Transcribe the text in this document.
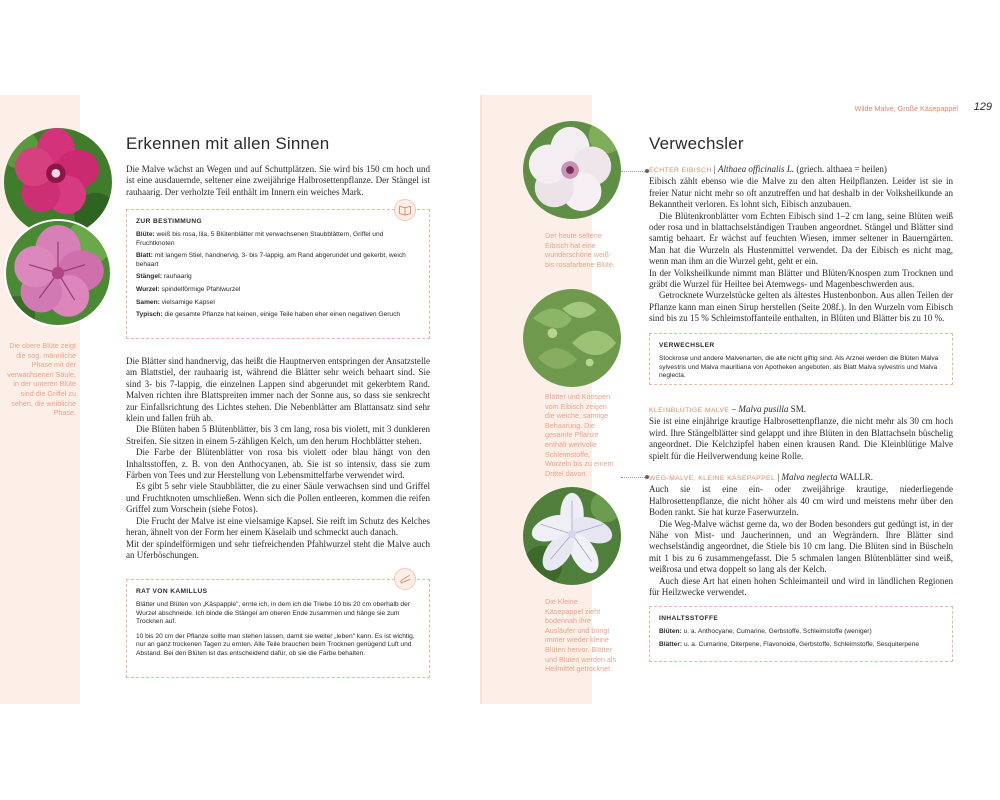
Die obere Blüte zeigt die sog. männliche Phase mit der verwachsenen Säule, in der unteren Blüte sind die Griffel zu sehen, die weibliche Phase.
Erkennen mit allen Sinnen

Die Malve wächst an Wegen und auf Schuttplätzen. Sie wird bis 150 cm hoch und ist eine ausdauernde, seltener eine zweijährige Halbrosettenpflanze. Der Stängel ist rauhaarig. Der verholzte Teil enthält im Innern ein weiches Mark.

ZUR BESTIMMUNG
Blüte: weiß bis rosa, lila, 5 Blütenblätter mit verwachsenen Staubblättern, Griffel und Fruchtknoten
Blatt: mit langem Stiel, handnervig, 3- bis 7-lappig, am Rand abgerundet und gekerbt, weich behaart
Stängel: rauhaarig
Wurzel: spindelförmige Pfahlwurzel
Samen: vielsamige Kapsel
Typisch: die gesamte Pflanze hat keinen, einige Teile haben eher einen negativen Geruch

Die Blätter sind handnervig, das heißt die Hauptnerven entspringen der Ansatzstelle am Blattstiel, der rauhaarig ist, während die Blätter sehr weich behaart sind. Sie sind 3- bis 7-lappig, die einzelnen Lappen sind abgerundet mit gekerbtem Rand. Malven richten ihre Blattspreiten immer nach der Sonne aus, so dass sie senkrecht zur Einfallsrichtung des Lichtes stehen. Die Nebenblätter am Blattansatz sind sehr klein und fallen früh ab.

Die Blüten haben 5 Blütenblätter, bis 3 cm lang, rosa bis violett, mit 3 dunkleren Streifen. Sie sitzen in einem 5-zähligen Kelch, um den herum Hochblätter stehen.

Die Farbe der Blütenblätter von rosa bis violett oder blau hängt von den Inhaltsstoffen, z. B. von den Anthocyanen, ab. Sie ist so intensiv, dass sie zum Färben von Tees und zur Herstellung von Lebensmittelfarbe verwendet wird.

Es gibt 5 sehr viele Staubblätter, die zu einer Säule verwachsen sind und Griffel und Fruchtknoten umschließen. Wenn sich die Pollen entleeren, kommen die reifen Griffel zum Vorschein (siehe Fotos).

Die Frucht der Malve ist eine vielsamige Kapsel. Sie reift im Schutz des Kelches heran, ähnelt von der Form her einem Käselaib und schmeckt auch danach.

Mit der spindelförmigen und sehr tiefreichenden Pfahlwurzel steht die Malve auch an Uferböschungen.

RAT VON KAMILLUS
Blätter und Blüten von „Käspapple", ernte ich, in dem ich die Triebe 10 bis 20 cm oberhalb der Wurzel abschneide. Ich binde die Stängel am oberen Ende zusammen und hänge sie zum Trocknen auf.
10 bis 20 cm der Pflanze sollte man stehen lassen, damit sie weiter „leben" kann. Es ist wichtig, nur an ganz trockenen Tagen zu ernten. Alle Teile brauchen beim Trocknen genügend Luft und Abstand. Bei den Blüten ist das entscheidend dafür, ob sie die Farbe behalten.
Wilde Malve, Große Käsepappel 129
Der heute seltene Eibisch hat eine wunderschöne weiß- bis rosafarbene Blüte.
Blätter und Knospen vom Eibisch zeigen die weiche, samtige Behaarung. Die gesamte Pflanze enthält wertvolle Schleimstoffe, Wurzeln bis zu einem Drittel davon.
Die Kleine Käsepappel zieht bodennah ihre Ausläufer und bringt immer wieder kleine Blüten hervor. Blätter und Blüten werden als Heilmittel getrocknet.
Verwechsler

ECHTER EIBISCH | Althaea officinalis L. (griech. althaea = heilen)

Eibisch zählt ebenso wie die Malve zu den alten Heilpflanzen. Leider ist sie in freier Natur nicht mehr so oft anzutreffen und hat deshalb in der Volksheilkunde an Bekanntheit verloren. Es lohnt sich, Eibisch anzubauen.

Die Blütenkronblätter vom Echten Eibisch sind 1–2 cm lang, seine Blüten weiß oder rosa und in blattachselständigen Trauben angeordnet. Stängel und Blätter sind samtig behaart. Er wächst auf feuchten Wiesen, immer seltener in Bauerngärten. Man hat die Wurzeln als Hustenmittel verwendet. Da der Eibisch es nicht mag, wenn man ihm an die Wurzel geht, geht er ein.

In der Volksheilkunde nimmt man Blätter und Blüten/Knospen zum Trocknen und gräbt die Wurzel für Heiltee bei Atemwegs- und Magenbeschwerden aus.

Getrocknete Wurzelstücke gelten als ältestes Hustenbonbon. Aus allen Teilen der Pflanze kann man einen Sirup herstellen (Seite 208f.). In den Wurzeln vom Eibisch sind bis zu 15 % Schleimstoffanteile enthalten, in Blüten und Blätter bis zu 10 %.

VERWECHSLER
Stockrose und andere Malvenarten, die alle nicht giftig sind. Als Arznei werden die Blüten Malva sylvestris und Malva mauritiana von Apotheken angeboten, als Blatt Malva sylvestris und Malva neglecta.

KLEINBLÜTIGE MALVE – Malva pusilla SM.

Sie ist eine einjährige krautige Halbrosettenpflanze, die nicht mehr als 30 cm hoch wird. Ihre Stängelblätter sind gelappt und ihre Blüten in den Blattachseln büschelig angeordnet. Die Kelchzipfel haben einen krausen Rand. Die Kleinblütige Malve spielt für die Heilverwendung keine Rolle.

WEG-MALVE, KLEINE KÄSEPAPPEL | Malva neglecta WALLR.

Auch sie ist eine ein- oder zweijährige krautige, niederliegende Halbrosettenpflanze, die nicht höher als 40 cm wird und meistens mehr über den Boden rankt. Sie hat kurze Faserwurzeln.

Die Weg-Malve wächst gerne da, wo der Boden besonders gut gedüngt ist, in der Nähe von Mist- und Jaucherinnen, und an Wegrändern. Ihre Blätter sind wechselständig angeordnet, die Stiele bis 10 cm lang. Die Blüten sind in Büscheln mit 1 bis zu 6 zusammengefasst. Die 5 schmalen langen Blütenblätter sind weiß, weißrosa und etwa doppelt so lang als der Kelch.

Auch diese Art hat einen hohen Schleimanteil und wird in ländlichen Regionen für Heilzwecke verwendet.

INHALTSSTOFFE
Blüten: u. a. Anthocyane, Cumarine, Gerbstoffe, Schleimstoffe (weniger)
Blätter: u. a. Cumarine, Diterpene, Flavonoide, Gerbstoffe, Schleimstoffe, Sesquiterpene
